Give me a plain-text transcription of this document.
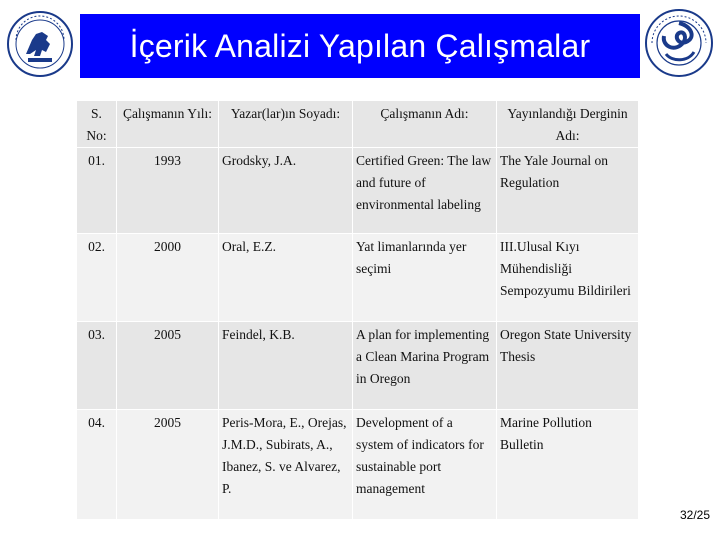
İçerik Analizi Yapılan Çalışmalar
S. No:	Çalışmanın Yılı:	Yazar(lar)ın Soyadı:	Çalışmanın Adı:	Yayınlandığı Derginin Adı:
01.	1993	Grodsky, J.A.	Certified Green: The law and future of environmental labeling	The Yale Journal on Regulation
02.	2000	Oral, E.Z.	Yat limanlarında yer seçimi	III.Ulusal Kıyı Mühendisliği Sempozyumu Bildirileri
03.	2005	Feindel, K.B.	A plan for implementing a Clean Marina Program in Oregon	Oregon State University Thesis
04.	2005	Peris-Mora, E., Orejas, J.M.D., Subirats, A., Ibanez, S. ve Alvarez, P.	Development of a system of indicators for sustainable port management	Marine Pollution Bulletin
32/25
